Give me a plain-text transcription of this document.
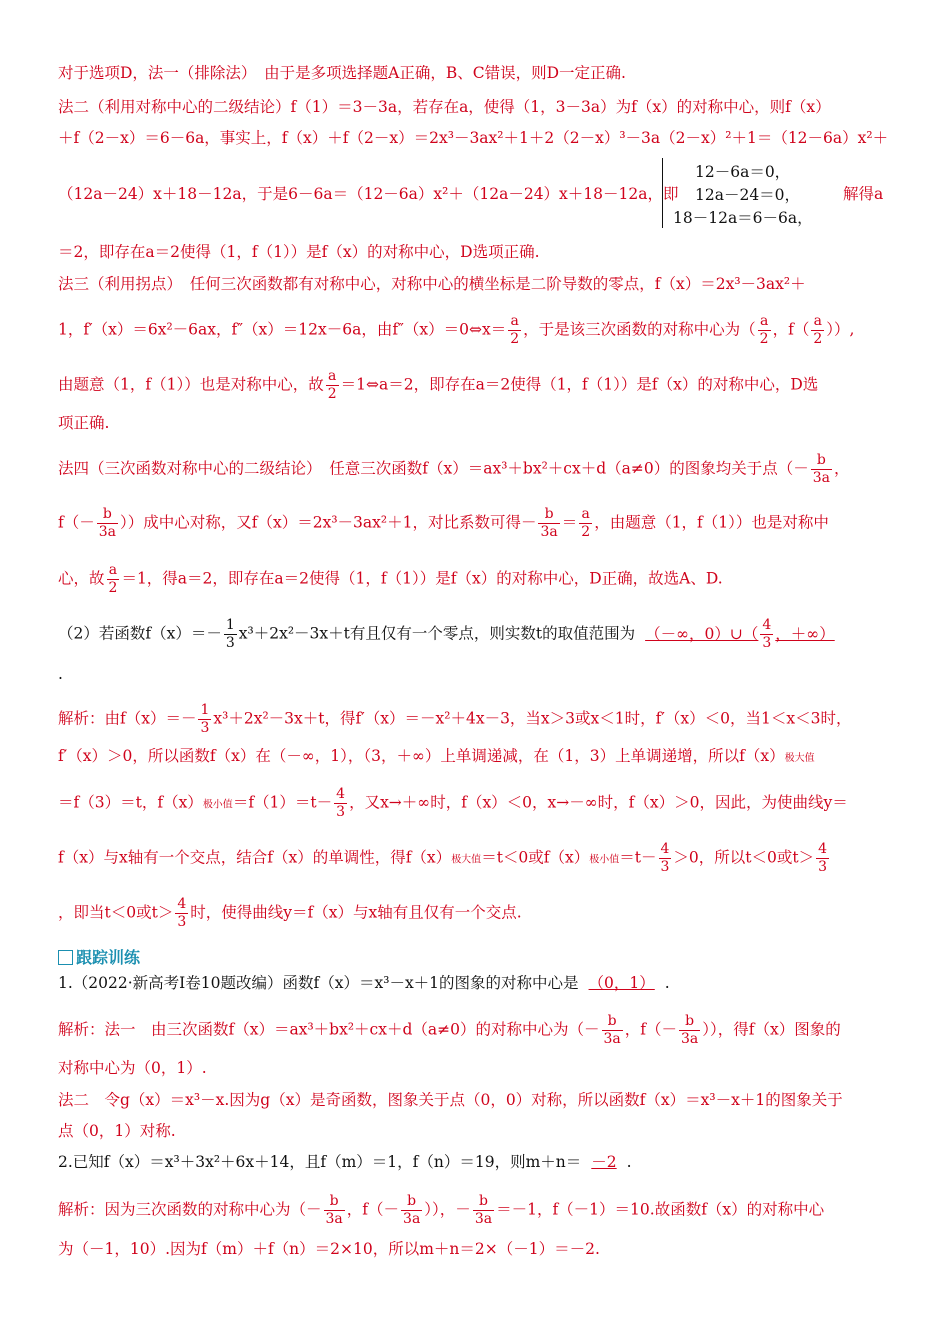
对于选项D，法一（排除法）　由于是多项选择题A正确，B、C错误，则D一定正确.
法二（利用对称中心的二级结论）f（1）＝3－3a，若存在a，使得（1，3－3a）为f（x）的对称中心，则f（x）
＋f（2－x）＝6－6a，事实上，f（x）＋f（2－x）＝2x³－3ax²＋1＋2（2－x）³－3a（2－x）²＋1＝（12－6a）x²＋
（12a－24）x＋18－12a，于是6－6a＝（12－6a）x²＋（12a－24）x＋18－12a，即
12－6a＝0，
12a－24＝0，
18－12a＝6－6a，
解得a
＝2，即存在a＝2使得（1，f（1））是f（x）的对称中心，D选项正确.
法三（利用拐点）　任何三次函数都有对称中心，对称中心的横坐标是二阶导数的零点，f（x）＝2x³－3ax²＋
1，f′（x）＝6x²－6ax，f″（x）＝12x－6a，由f″（x）＝0⇔x＝ $\frac{a}{2}$ ，于是该三次函数的对称中心为（ $\frac{a}{2}$ ，$f( \frac{a}{2}$ ））,
由题意（1，f（1））也是对称中心，故 $\frac{a}{2}$ ＝1⇔a＝2，即存在a＝2使得（1，f（1））是f（x）的对称中心，D选
项正确.
法四（三次函数对称中心的二级结论）　任意三次函数f（x）＝ax³＋bx²＋cx＋d（a≠0）的图象均关于点（－ $\frac{b}{3a}$ ，
$f(- \frac{b}{3a}$ ））成中心对称，又f（x）＝2x³－3ax²＋1，对比系数可得－ $\frac{b}{3a} = \frac{a}{2}$ ，由题意（1，f（1））也是对称中
心，故 $\frac{a}{2} =1$，得a＝2，即存在a＝2使得（1，f（1））是f（x）的对称中心，D正确，故选A、D.
（2）若函数$f(x)=- \frac{1}{3} x^3+2x^2-3x+t$有且仅有一个零点，则实数t的取值范围为 （－∞，0）∪（ $\frac{4}{3}$ ，＋∞）
.
解析：由$f(x)=- \frac{1}{3} x^3+2x^2-3x+t$，得f′（x）＝－x²＋4x－3，当x＞3或x＜1时，f′（x）＜0，当1＜x＜3时，
f′（x）＞0，所以函数f（x）在（－∞，1），（3，＋∞）上单调递减，在（1，3）上单调递增，所以f（x）极大值
＝f（3）＝t，f（x）极小值$=f(1)=t- \frac{4}{3}$ ，又x→＋∞时，f（x）＜0，x→－∞时，f（x）＞0，因此，为使曲线y＝
f（x）与x轴有一个交点，结合f（x）的单调性，得f（x）极大值＝t＜0或f（x）极小值$=t- \frac{4}{3} >0$，所以t＜0或$t> \frac{4}{3}$
，即当t＜0或$t> \frac{4}{3}$ 时，使得曲线y＝f（x）与x轴有且仅有一个交点.
跟踪训练
1.（2022·新高考Ⅰ卷10题改编）函数f（x）＝x³－x＋1的图象的对称中心是 （0，1） .
解析：法一　由三次函数f（x）＝ax³＋bx²＋cx＋d（a≠0）的对称中心为（－ $\frac{b}{3a}$ ，$f(- \frac{b}{3a}$ ）），得f（x）图象的
对称中心为（0，1）.
法二　令g（x）＝x³－x.因为g（x）是奇函数，图象关于点（0，0）对称，所以函数f（x）＝x³－x＋1的图象关于
点（0，1）对称.
2.已知f（x）＝x³＋3x²＋6x＋14，且f（m）＝1，f（n）＝19，则m＋n＝ －2 .
解析：因为三次函数的对称中心为（－ $\frac{b}{3a}$ ，$f(- \frac{b}{3a}$ ）），－ $\frac{b}{3a} =-1$，f（－1）＝10.故函数f（x）的对称中心
为（－1，10）.因为f（m）＋f（n）＝2×10，所以m＋n＝2×（－1）＝－2.
